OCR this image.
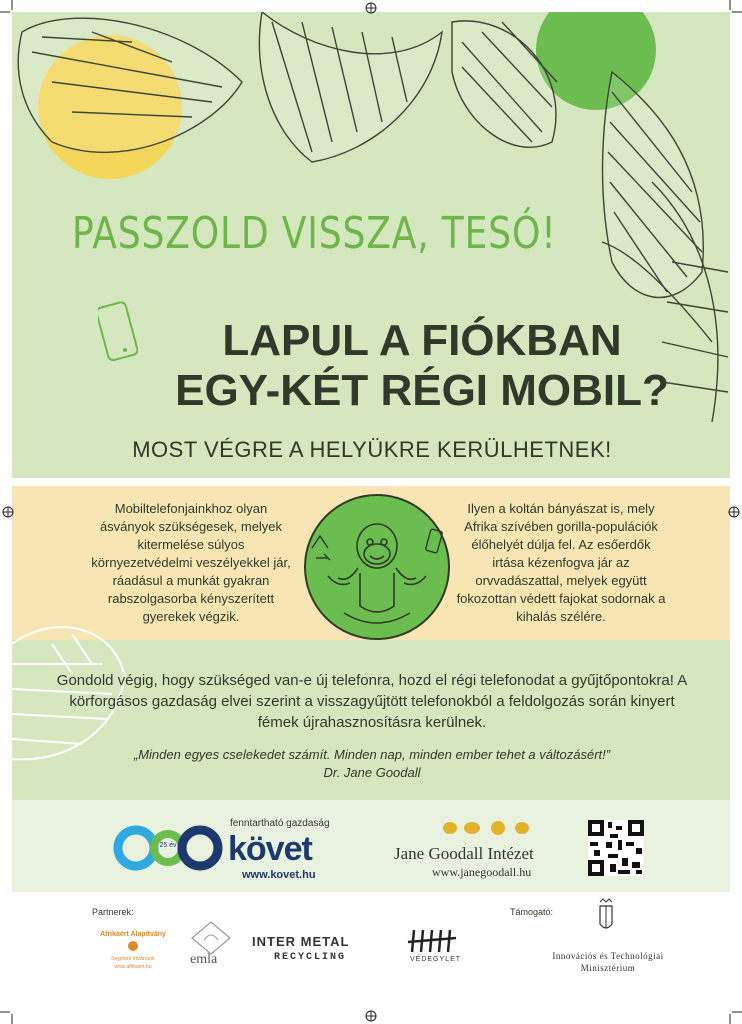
PASSZOLD VISSZA, TESÓ!
LAPUL A FIÓKBAN
EGY-KÉT RÉGI MOBIL?
MOST VÉGRE A HELYÜKRE KERÜLHETNEK!
Mobiltelefonjainkhoz olyan ásványok szükségesek, melyek kitermelése súlyos környezetvédelmi veszélyekkel jár, ráadásul a munkát gyakran rabszolgasorba kényszerített gyerekek végzik.
Ilyen a koltán bányászat is, mely Afrika szívében gorilla-populációk élőhelyét dúlja fel. Az esőerdők irtása kézenfogva jár az orvvadászattal, melyek együtt fokozottan védett fajokat sodornak a kihalás szélére.
Gondold végig, hogy szükséged van-e új telefonra, hozd el régi telefonodat a gyűjtőpontokra! A körforgásos gazdaság elvei szerint a visszagyűjtött telefonokból a feldolgozás során kinyert fémek újrahasznosításra kerülnek.
„Minden egyes cselekedet számít. Minden nap, minden ember tehet a változásért!”
Dr. Jane Goodall
25 év
fenntartható gazdaság
követ
www.kovet.hu
Jane Goodall Intézet
www.janegoodall.hu
Partnerek:
Afrikáért Alapítvány
Segíteni kívánunk
www.afrikaert.hu	emla
INTER METAL
RECYCLING	VÉDEGYLET
Támogató:
Innovációs és Technológiai
Minisztérium
